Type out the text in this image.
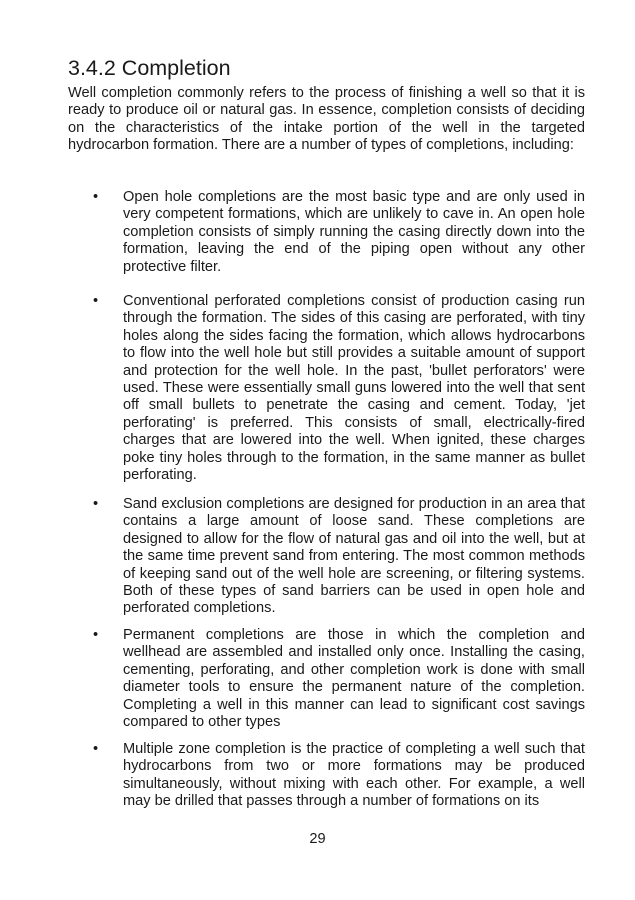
3.4.2 Completion

Well completion commonly refers to the process of finishing a well so that it is ready to produce oil or natural gas. In essence, completion consists of deciding on the characteristics of the intake portion of the well in the targeted hydrocarbon formation. There are a number of types of completions, including:

•	Open hole completions are the most basic type and are only used in very competent formations, which are unlikely to cave in. An open hole completion consists of simply running the casing directly down into the formation, leaving the end of the piping open without any other protective filter.
•	Conventional perforated completions consist of production casing run through the formation. The sides of this casing are perforated, with tiny holes along the sides facing the formation, which allows hydrocarbons to flow into the well hole but still provides a suitable amount of support and protection for the well hole. In the past, 'bullet perforators' were used. These were essentially small guns lowered into the well that sent off small bullets to penetrate the casing and cement. Today, 'jet perforating' is preferred. This consists of small, electrically-fired charges that are lowered into the well. When ignited, these charges poke tiny holes through to the formation, in the same manner as bullet perforating.
•	Sand exclusion completions are designed for production in an area that contains a large amount of loose sand. These completions are designed to allow for the flow of natural gas and oil into the well, but at the same time prevent sand from entering. The most common methods of keeping sand out of the well hole are screening, or filtering systems. Both of these types of sand barriers can be used in open hole and perforated completions.
•	Permanent completions are those in which the completion and wellhead are assembled and installed only once. Installing the casing, cementing, perforating, and other completion work is done with small diameter tools to ensure the permanent nature of the completion. Completing a well in this manner can lead to significant cost savings compared to other types
•	Multiple zone completion is the practice of completing a well such that hydrocarbons from two or more formations may be produced simultaneously, without mixing with each other. For example, a well may be drilled that passes through a number of formations on its
29
